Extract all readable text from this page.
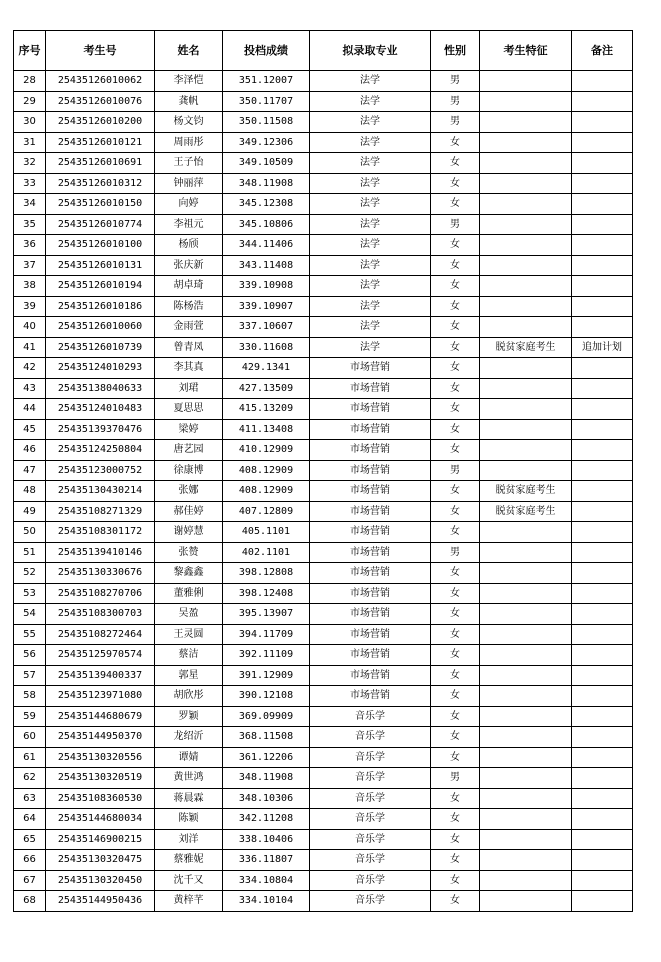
序号	考生号	姓名	投档成绩	拟录取专业	性别	考生特征	备注
28	25435126010062	李泽恺	351.12007	法学	男		
29	25435126010076	龚帆	350.11707	法学	男		
30	25435126010200	杨文钧	350.11508	法学	男		
31	25435126010121	周雨彤	349.12306	法学	女		
32	25435126010691	王子怡	349.10509	法学	女		
33	25435126010312	钟丽萍	348.11908	法学	女		
34	25435126010150	向婷	345.12308	法学	女		
35	25435126010774	李祖元	345.10806	法学	男		
36	25435126010100	杨颀	344.11406	法学	女		
37	25435126010131	张庆新	343.11408	法学	女		
38	25435126010194	胡卓琦	339.10908	法学	女		
39	25435126010186	陈杨浩	339.10907	法学	女		
40	25435126010060	金雨萱	337.10607	法学	女		
41	25435126010739	曾青凤	330.11608	法学	女	脱贫家庭考生	追加计划
42	25435124010293	李其真	429.1341	市场营销	女		
43	25435138040633	刘珺	427.13509	市场营销	女		
44	25435124010483	夏思思	415.13209	市场营销	女		
45	25435139370476	梁婷	411.13408	市场营销	女		
46	25435124250804	唐艺园	410.12909	市场营销	女		
47	25435123000752	徐康博	408.12909	市场营销	男		
48	25435130430214	张娜	408.12909	市场营销	女	脱贫家庭考生	
49	25435108271329	郝佳婷	407.12809	市场营销	女	脱贫家庭考生	
50	25435108301172	谢婷慧	405.1101	市场营销	女		
51	25435139410146	张赞	402.1101	市场营销	男		
52	25435130330676	黎鑫鑫	398.12808	市场营销	女		
53	25435108270706	董雅俐	398.12408	市场营销	女		
54	25435108300703	吴盈	395.13907	市场营销	女		
55	25435108272464	王灵圆	394.11709	市场营销	女		
56	25435125970574	蔡洁	392.11109	市场营销	女		
57	25435139400337	郭星	391.12909	市场营销	女		
58	25435123971080	胡欣彤	390.12108	市场营销	女		
59	25435144680679	罗颖	369.09909	音乐学	女		
60	25435144950370	龙绍沂	368.11508	音乐学	女		
61	25435130320556	谭婧	361.12206	音乐学	女		
62	25435130320519	黄世鸿	348.11908	音乐学	男		
63	25435108360530	蒋晨霖	348.10306	音乐学	女		
64	25435144680034	陈颖	342.11208	音乐学	女		
65	25435146900215	刘洋	338.10406	音乐学	女		
66	25435130320475	蔡雅妮	336.11807	音乐学	女		
67	25435130320450	沈千又	334.10804	音乐学	女		
68	25435144950436	黄梓芊	334.10104	音乐学	女		
